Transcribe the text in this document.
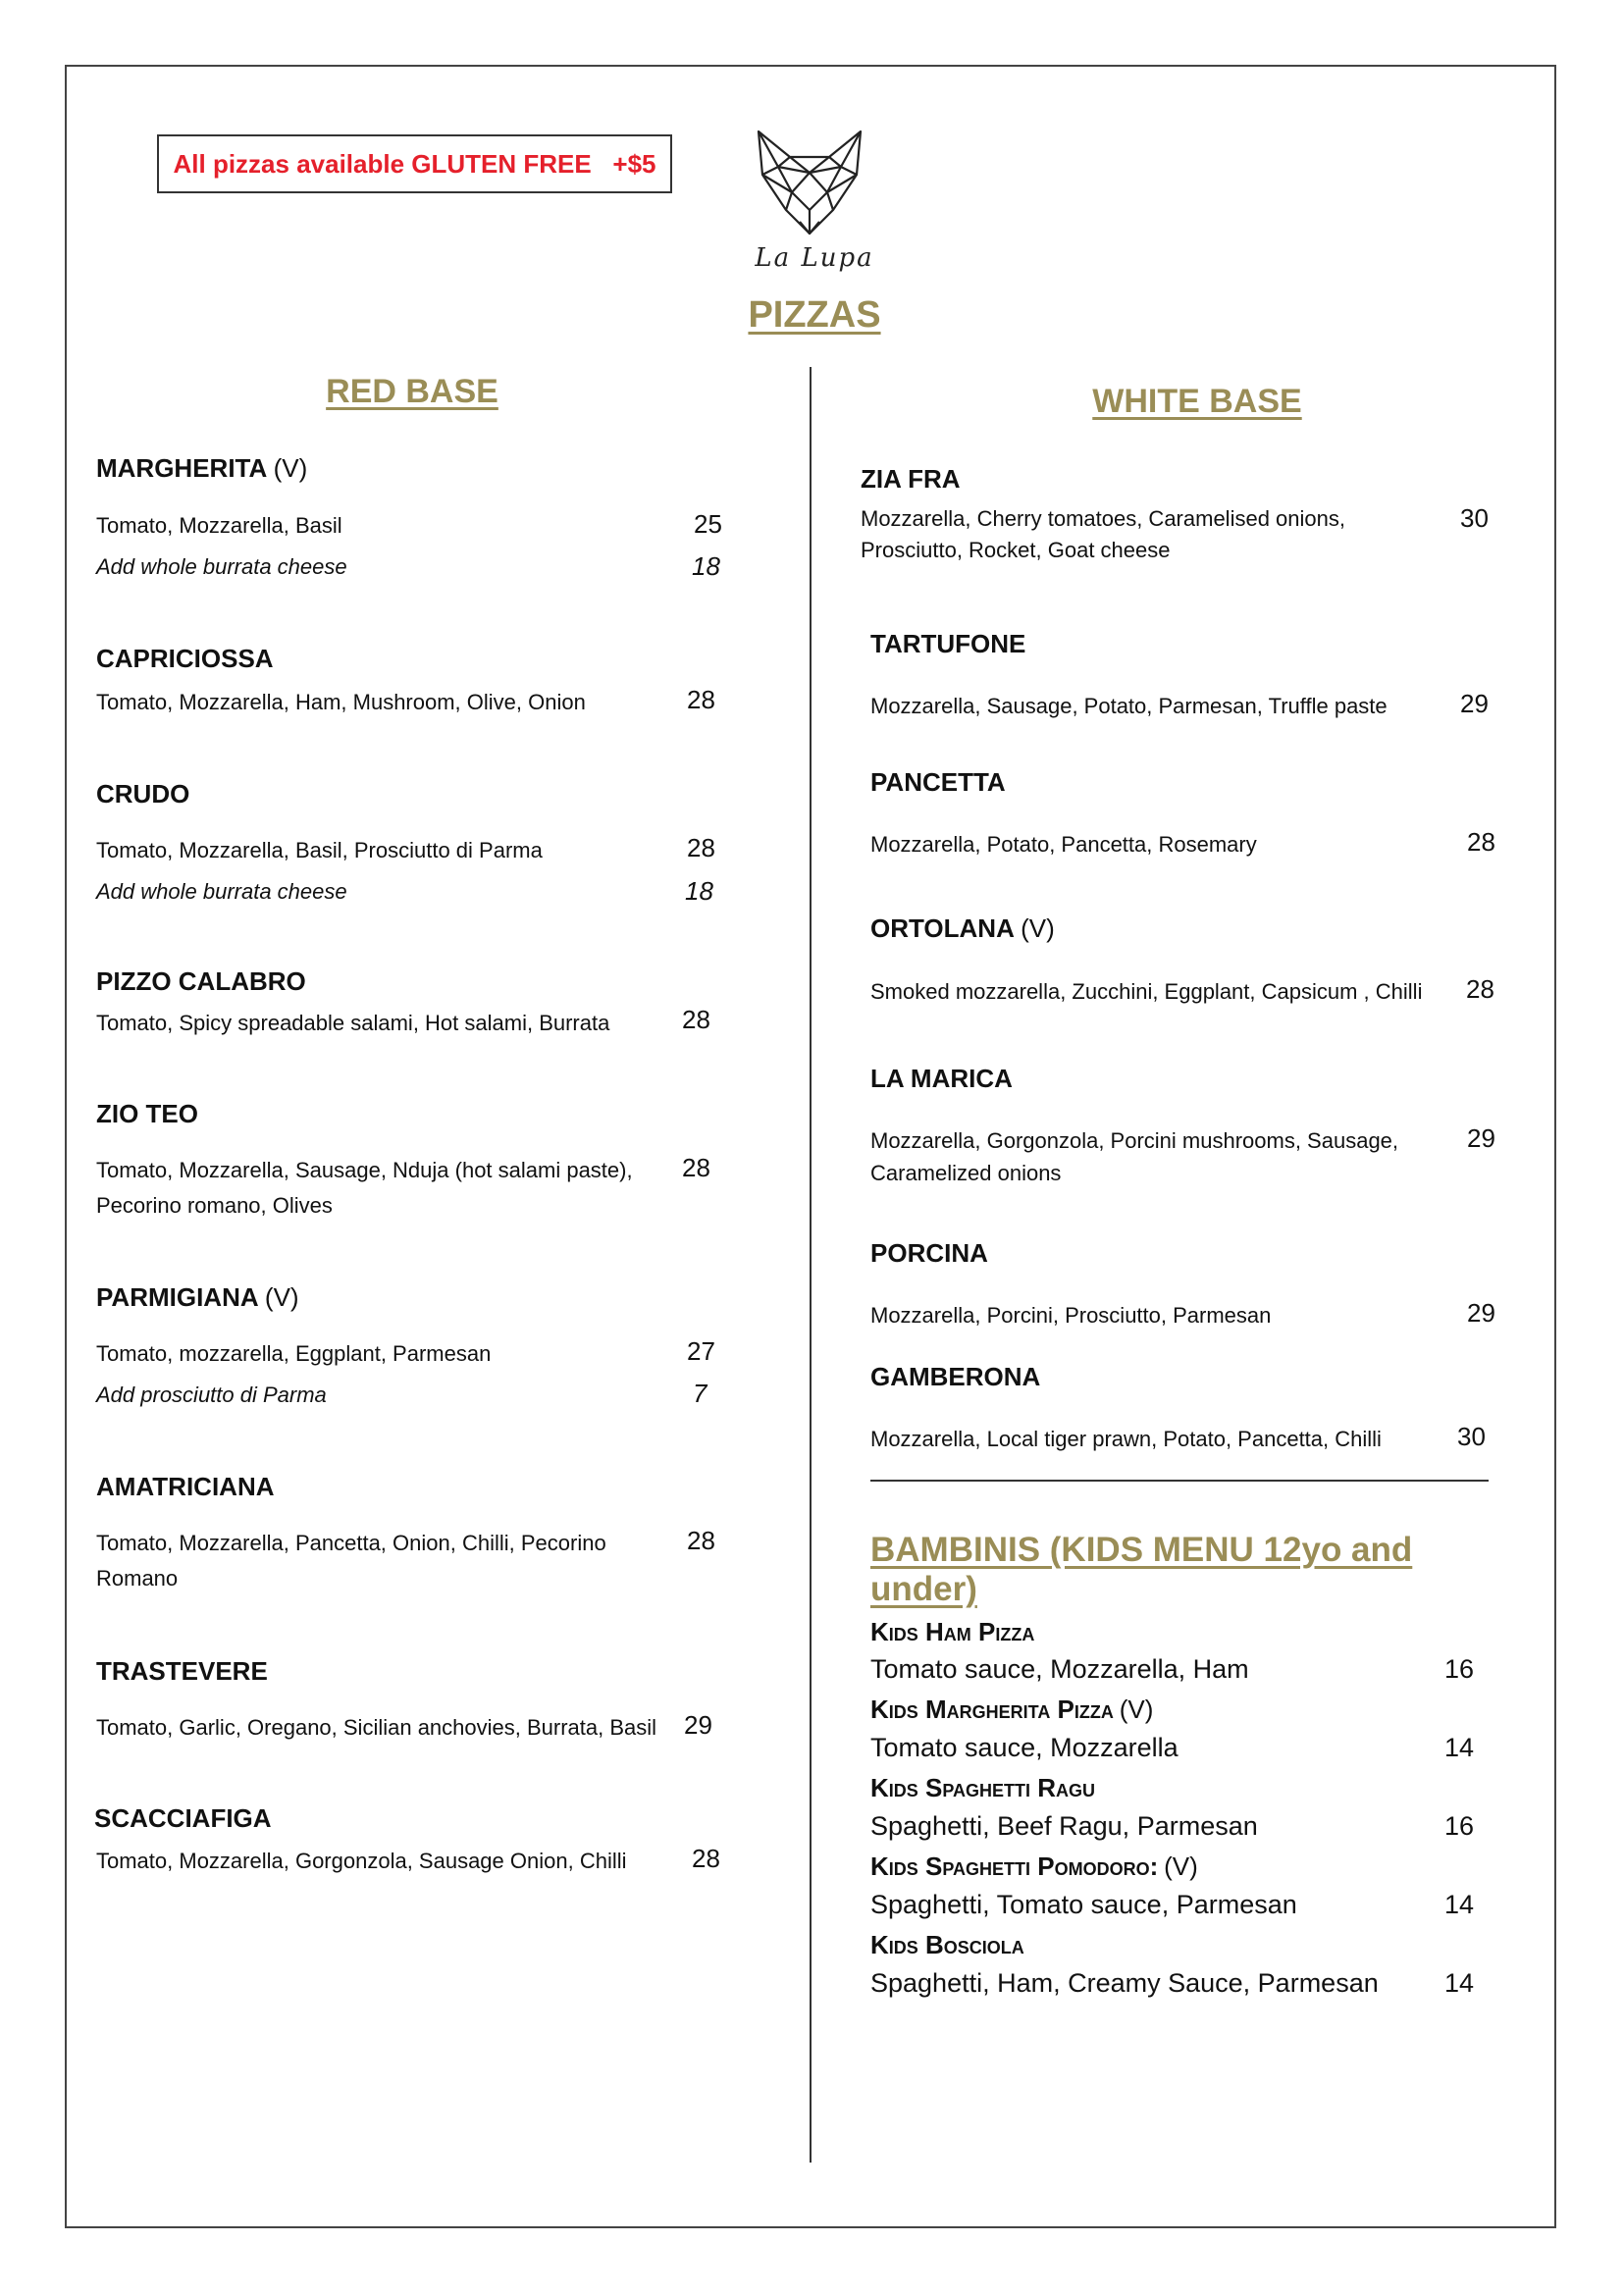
All pizzas available GLUTEN FREE   +$5
La Lupa
PIZZAS
RED BASE	WHITE BASE
MARGHERITA (V)
Tomato, Mozzarella, Basil	25
Add whole burrata cheese	18
CAPRICIOSSA
Tomato, Mozzarella, Ham, Mushroom, Olive, Onion	28
CRUDO
Tomato, Mozzarella, Basil, Prosciutto di Parma	28
Add whole burrata cheese	18
PIZZO CALABRO
Tomato, Spicy spreadable salami, Hot salami, Burrata	28
ZIO TEO
Tomato, Mozzarella, Sausage, Nduja (hot salami paste),
Pecorino romano, Olives
28
PARMIGIANA (V)
Tomato, mozzarella, Eggplant, Parmesan	27
Add prosciutto di Parma	7
AMATRICIANA
Tomato, Mozzarella, Pancetta, Onion, Chilli, Pecorino
Romano
28
TRASTEVERE
Tomato, Garlic, Oregano, Sicilian anchovies, Burrata, Basil 29
SCACCIAFIGA
Tomato, Mozzarella, Gorgonzola, Sausage Onion, Chilli	28
ZIA FRA
Mozzarella, Cherry tomatoes, Caramelised onions,
Prosciutto, Rocket, Goat cheese
30
TARTUFONE
Mozzarella, Sausage, Potato, Parmesan, Truffle paste	29
PANCETTA
Mozzarella, Potato, Pancetta, Rosemary	28
ORTOLANA (V)
Smoked mozzarella, Zucchini, Eggplant, Capsicum , Chilli 28
LA MARICA
Mozzarella, Gorgonzola, Porcini mushrooms, Sausage,
Caramelized onions
29
PORCINA
Mozzarella, Porcini, Prosciutto, Parmesan	29
GAMBERONA
Mozzarella, Local tiger prawn, Potato, Pancetta, Chilli	30
BAMBINIS (KIDS MENU 12yo and under)
Kids Ham Pizza
Tomato sauce, Mozzarella, Ham	16
Kids Margherita Pizza (V)
Tomato sauce, Mozzarella	14
Kids Spaghetti Ragu
Spaghetti, Beef Ragu, Parmesan	16
Kids Spaghetti Pomodoro: (V)
Spaghetti, Tomato sauce, Parmesan	14
Kids Bosciola
Spaghetti, Ham, Creamy Sauce, Parmesan 14
